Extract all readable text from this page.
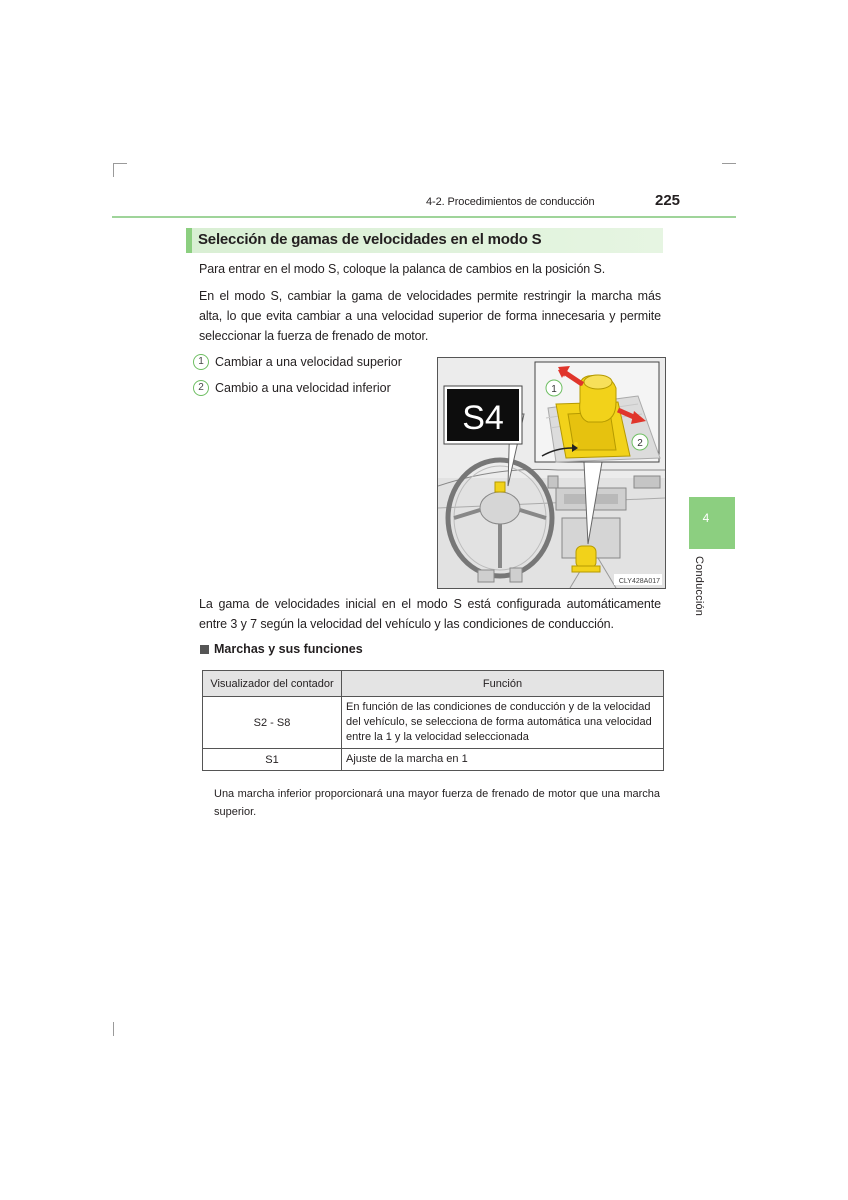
4-2. Procedimientos de conducción	225
4
Conducción
Selección de gamas de velocidades en el modo S
Para entrar en el modo S, coloque la palanca de cambios en la posición S.
En el modo S, cambiar la gama de velocidades permite restringir la marcha más alta, lo que evita cambiar a una velocidad superior de forma innecesaria y permite seleccionar la fuerza de frenado de motor.
1 Cambiar a una velocidad superior
2 Cambio a una velocidad inferior
S4
1
2
CLY428A017
La gama de velocidades inicial en el modo S está configurada automáticamente entre 3 y 7 según la velocidad del vehículo y las condiciones de conducción.
Marchas y sus funciones
Visualizador del contador	Función
S2 - S8	En función de las condiciones de conducción y de la velocidad del vehículo, se selecciona de forma automática una velocidad entre la 1 y la velocidad seleccionada
S1	Ajuste de la marcha en 1
Una marcha inferior proporcionará una mayor fuerza de frenado de motor que una marcha superior.
